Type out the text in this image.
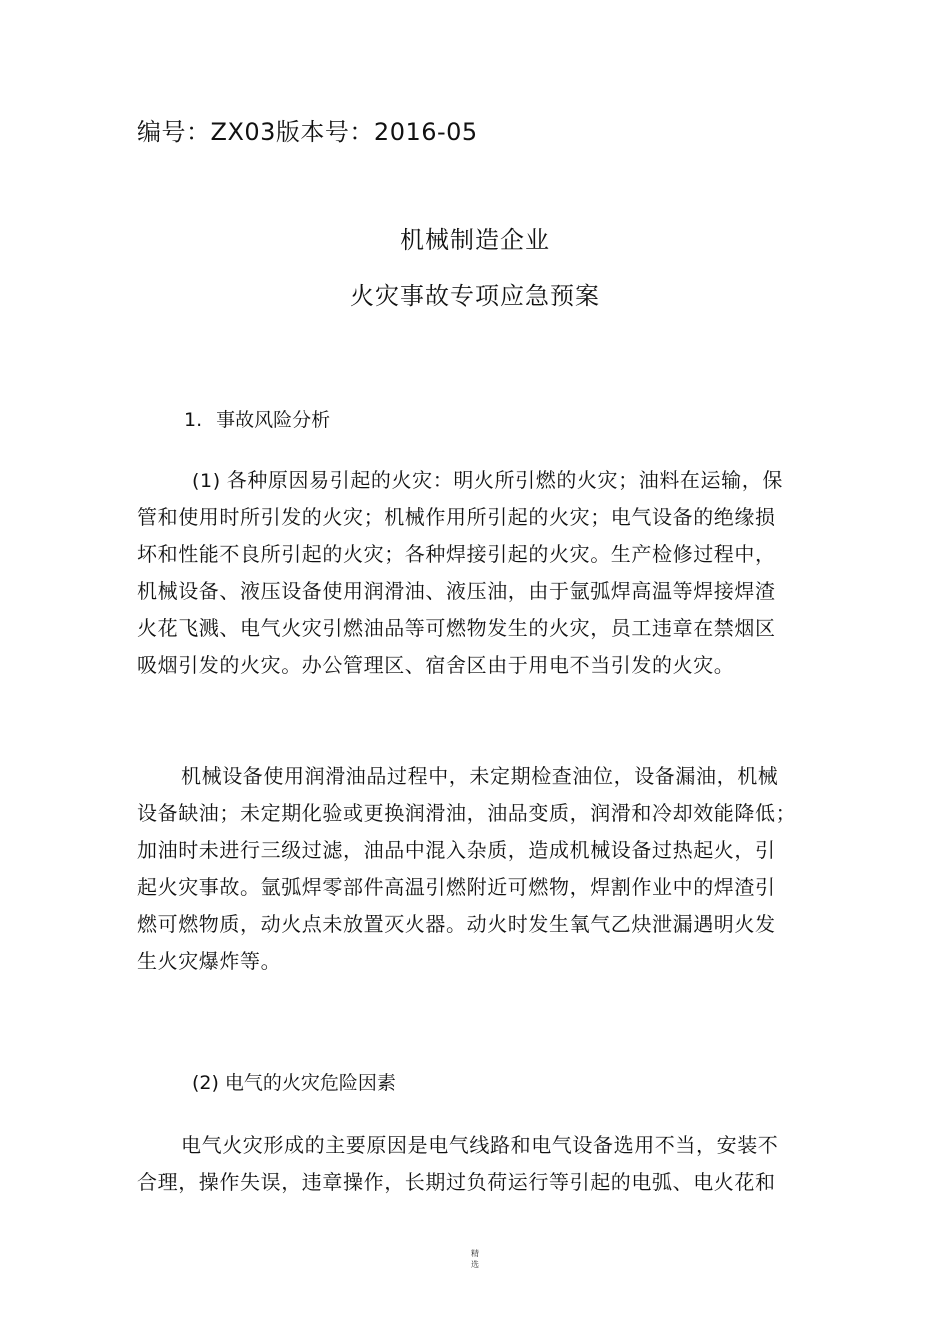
编号：ZX03版本号：2016-05
机械制造企业
火灾事故专项应急预案
1. 事故风险分析
(1) 各种原因易引起的火灾：明火所引燃的火灾；油料在运输，保
管和使用时所引发的火灾；机械作用所引起的火灾；电气设备的绝缘损
坏和性能不良所引起的火灾；各种焊接引起的火灾。生产检修过程中，
机械设备、液压设备使用润滑油、液压油，由于氩弧焊高温等焊接焊渣
火花飞溅、电气火灾引燃油品等可燃物发生的火灾，员工违章在禁烟区
吸烟引发的火灾。办公管理区、宿舍区由于用电不当引发的火灾。
机械设备使用润滑油品过程中，未定期检查油位，设备漏油，机械
设备缺油；未定期化验或更换润滑油，油品变质，润滑和冷却效能降低；
加油时未进行三级过滤，油品中混入杂质，造成机械设备过热起火，引
起火灾事故。氩弧焊零部件高温引燃附近可燃物，焊割作业中的焊渣引
燃可燃物质，动火点未放置灭火器。动火时发生氧气乙炔泄漏遇明火发
生火灾爆炸等。
(2) 电气的火灾危险因素
电气火灾形成的主要原因是电气线路和电气设备选用不当，安装不
合理，操作失误，违章操作，长期过负荷运行等引起的电弧、电火花和
精
选
